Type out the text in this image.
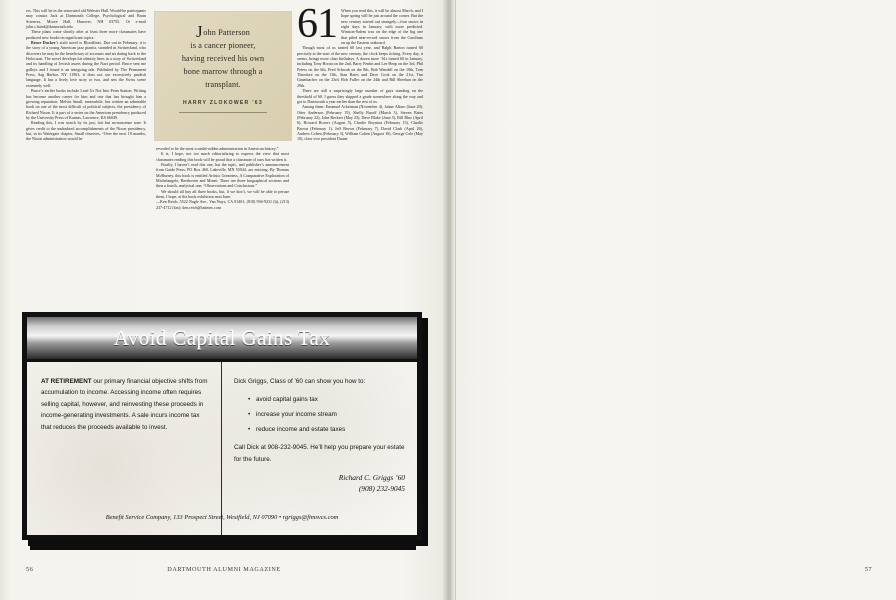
ers. This will be in the renovated old Webster Hall. Would-be participants may contact Jack at Dartmouth College, Psychological and Brain Sciences, Moore Hall, Hanover, NH 03755. Or e-mail john.c.baird@dartmouth.edu.

These plans come shortly after at least three more classmates have produced new books on significant topics.

Bruce Ducker’s sixth novel is Bloodlines. Due out in February, it is the story of a young American jazz pianist, stranded in Switzerland, who discovers he may be the beneficiary of accounts and art dating back to the Holocaust. The novel develops his identity lines in a story of Switzerland and its handling of Jewish assets during the Nazi period. Bruce sent me galleys and I found it an intriguing tale. Published by The Permanent Press, Sag Harbor, NY 11963, it does not use excessively prudish language. It has a lively love story or two, and sets the Swiss scene extremely well.

Bruce’s earlier books include Lead Us Not Into Penn Station. Writing has become another career for him and one that has brought him a growing reputation. Melvin Small, meanwhile, has written an admirable book on one of the most difficult of political subjects, the presidency of Richard Nixon. It is part of a series on the American presidency produced by the University Press of Kansas, Lawrence, KS 66049.

Reading this, I was struck by its just, fair but no-nonsense tone. It gives credit to the undoubted accomplishments of the Nixon presidency, but, in its Watergate chapter, Small observes, “Over the next 18 months, the Nixon administration would be

revealed to be the most scandal-ridden administration in American history.”

It is, I hope, not too much editorializing to express the view that most classmates reading this book will be proud that a classmate of ours has written it.

Finally, I haven’t read this one, but the topic, and publisher’s announcement from Gaide Press, PO Box 460, Lakeville, MN 55044, are enticing. By Thomas McBurney, this book is entitled Artistic Greatness, A Comparative Exploration of Michelangelo, Beethoven and Monet. There are three biographical sections and then a fourth, analytical one, “Observations and Conclusions.”

We should all buy all three books, but, if we don’t, we will be able to peruse them, I hope, at the book exhibition next June.

—Ken Reich, 5522 Nagle Ave., Van Nuys, CA 91401; (818) 994-9231 (h), (213) 237-4712 (fax); ken.reich@latimes.com

61 When you read this, it will be almost March, and I hope spring will be just around the corner. But the new century started out strangely—four snows in eight days in January, with more predicted. Winston-Salem was on the edge of the big one that piled near-record snows from the Carolinas on up the Eastern seaboard.

Though most of us turned 60 last year, and Ralph Barton turned 60 precisely at the start of the new century, the clock keeps ticking. Every day, it seems, brings more class birthdays. A dozen more ’61s turned 60 in January, including Tony Horan on the 2nd, Barry Fentin and Lee Heap on the 3rd, Phil Peters on the 6th, Fred Schwab on the 8th, Bob Wendell on the 10th, Tom Theodore on the 13th, Stan Bates and Dave Cook on the 21st, Tim Grumbacher on the 23rd, Bob Fuller on the 24th and Bill Sheehan on the 29th.

There are still a surprisingly large number of guys standing on the threshold of 60. I guess they skipped a grade somewhere along the way and got to Dartmouth a year earlier than the rest of us.

Among them: Emanuel Ackerman (November 4), Jaime Alfaro (June 20), Otter Anderson (February 19), Shelly Baroff (March 3), Steven Bates (February 22), John Beckert (May 23), Dave Blake (June 5), Bill Blue (April 6), Howard Bovers (August 5), Charlie Boynton (February 15), Charlie Brown (February 1), Jeff Brown (February 7), David Clark (April 26), Andrew Cohen (February 3), William Cohen (August 16), George Cole (May 10), class vice president Duane

John Patterson
is a cancer pioneer,
having received his own
bone marrow through a
transplant.
HARRY ZLOKOWER ’63
Avoid Capital Gains Tax
AT RETIREMENT our primary financial objective shifts from accumulation to income. Accessing income often requires selling capital, however, and reinvesting these proceeds in income-generating investments. A sale incurs income tax that reduces the proceeds available to invest.
Dick Griggs, Class of ’60 can show you how to:
• avoid capital gains tax
• increase your income stream
• reduce income and estate taxes
Call Dick at 908-232-9045. He’ll help you prepare your estate for the future.
Richard C. Griggs ’60
(908) 232-9045
Benefit Service Company, 133 Prospect Street, Westfield, NJ 07090 • rgriggs@fimsvcs.com
56	DARTMOUTH ALUMNI MAGAZINE	57
